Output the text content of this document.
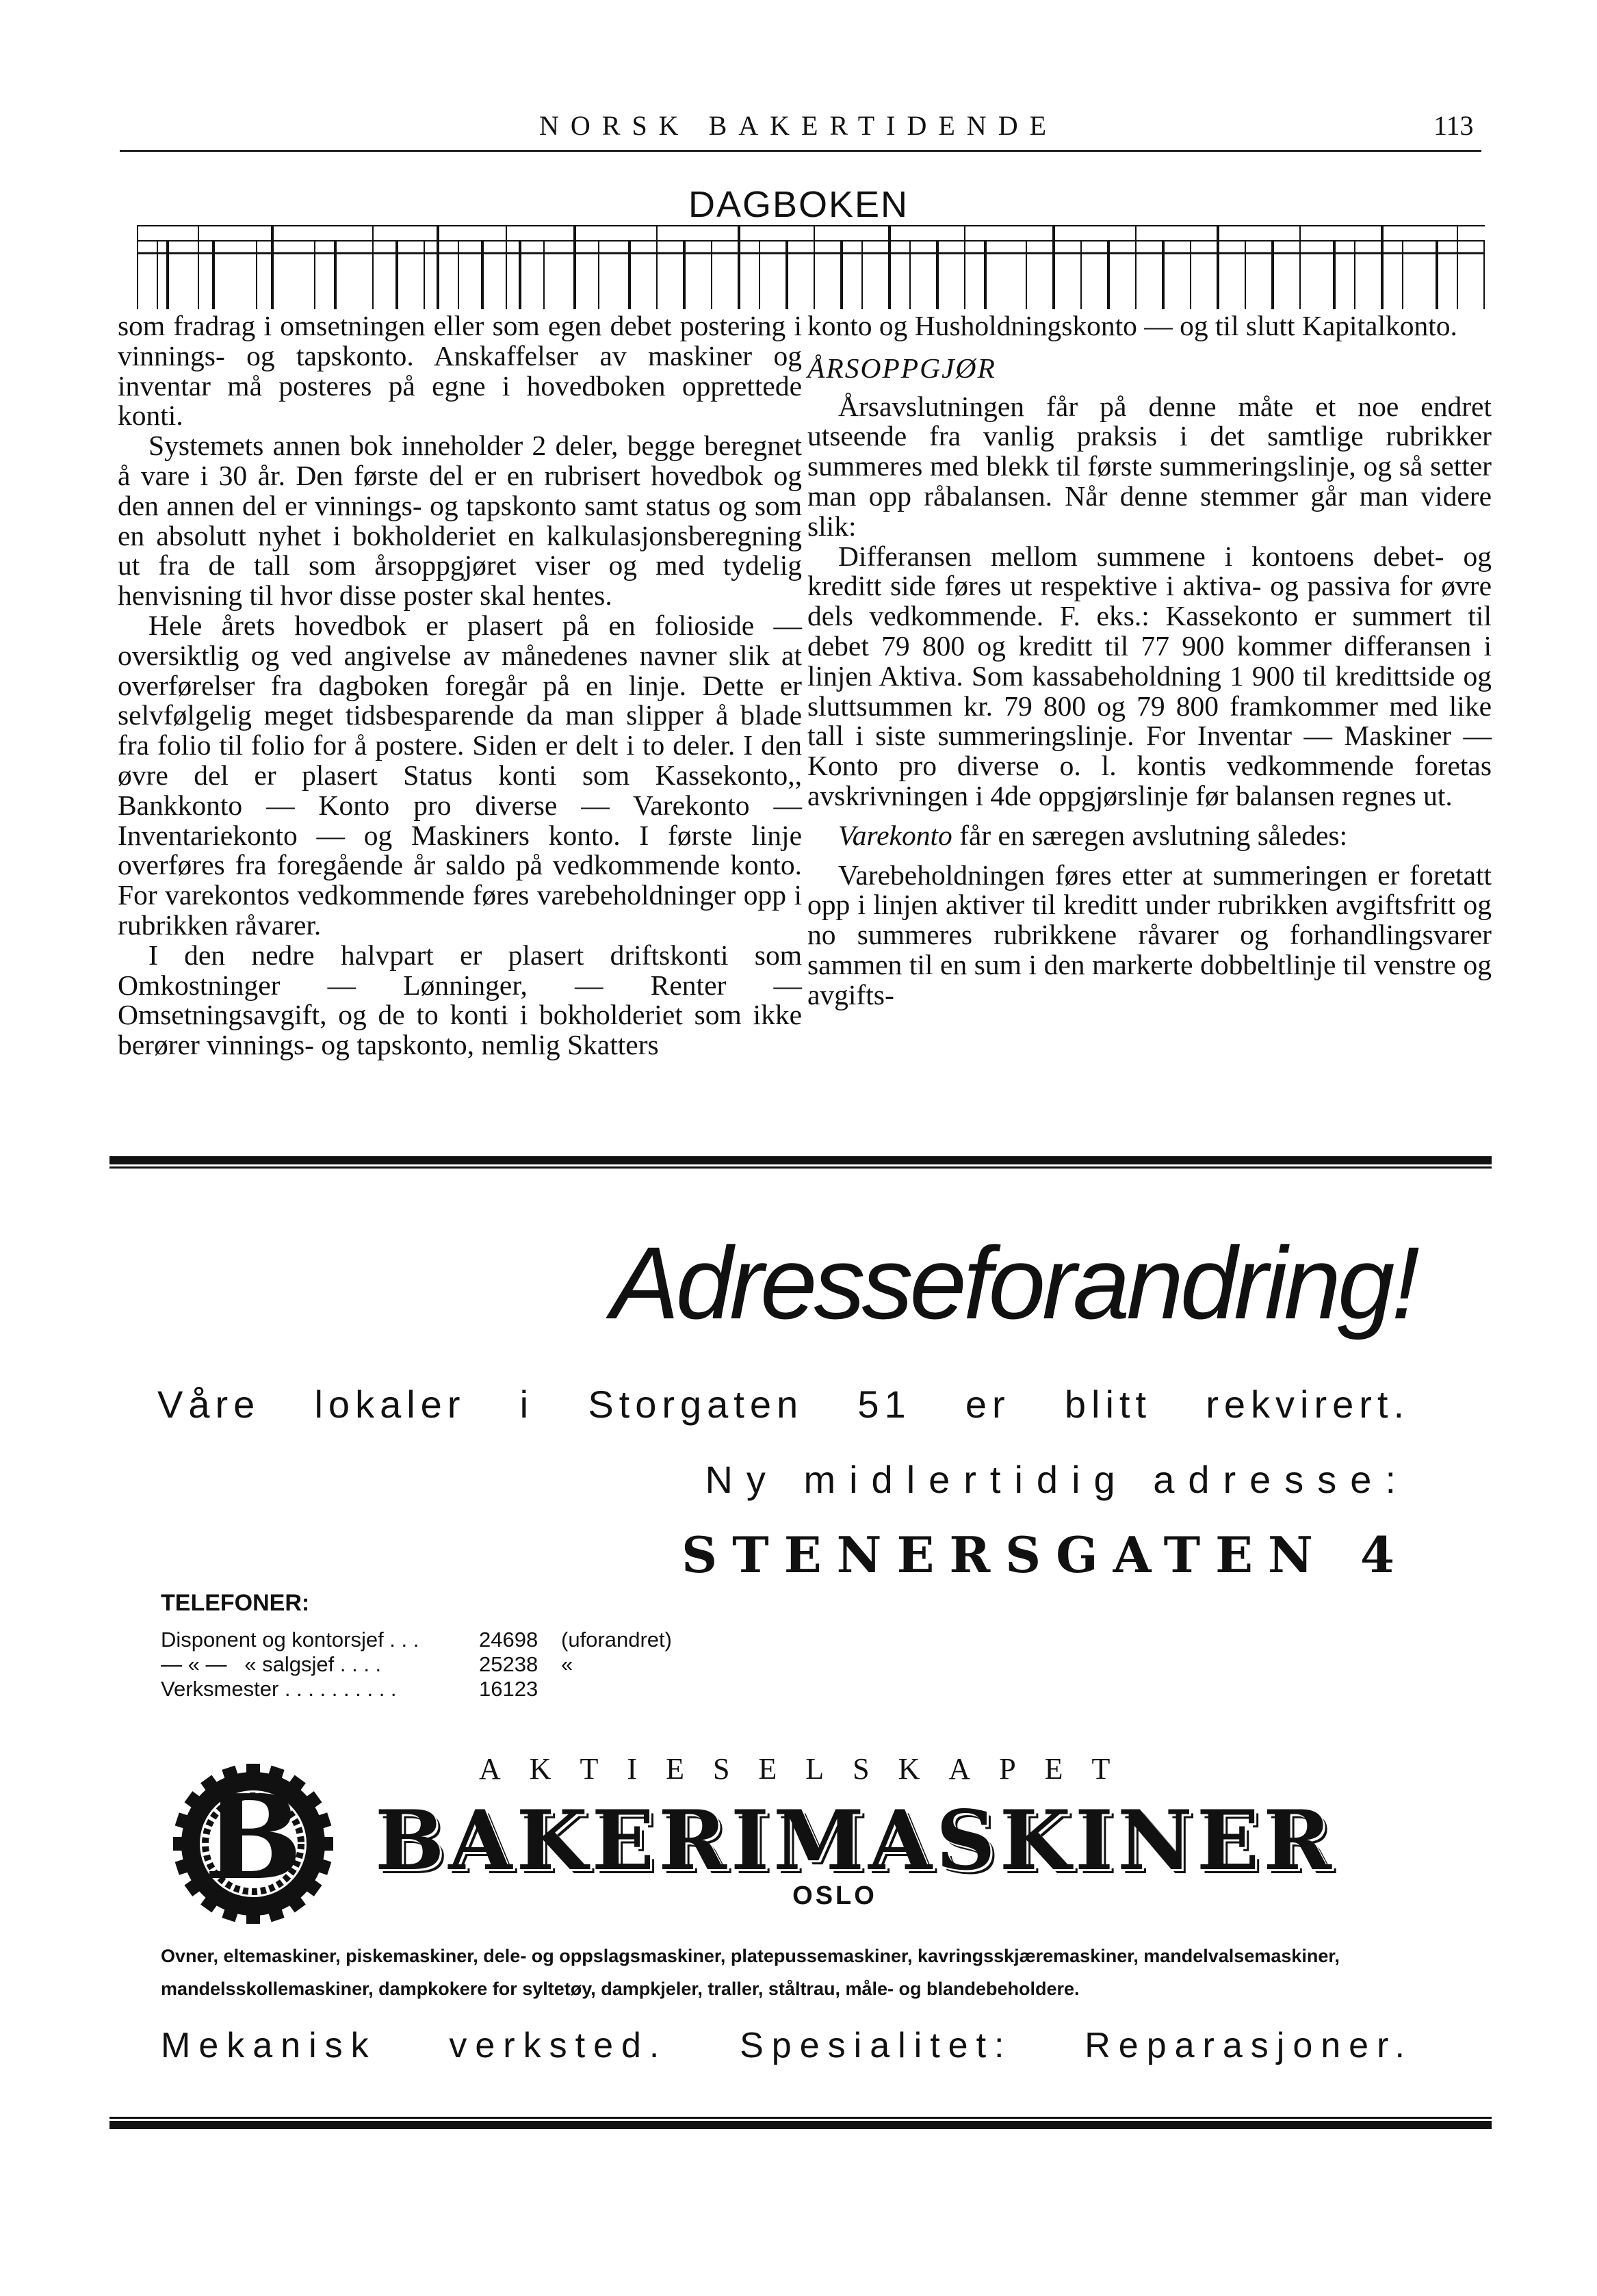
NORSK BAKERTIDENDE	113
DAGBOKEN

som fradrag i omsetningen eller som egen debet postering i vinnings- og tapskonto. Anskaffelser av maskiner og inventar må posteres på egne i hovedboken opprettede konti.

Systemets annen bok inneholder 2 deler, begge beregnet å vare i 30 år. Den første del er en rubrisert hovedbok og den annen del er vinnings- og tapskonto samt status og som en absolutt nyhet i bokholderiet en kalkulasjonsberegning ut fra de tall som årsoppgjøret viser og med tydelig henvisning til hvor disse poster skal hentes.

Hele årets hovedbok er plasert på en folioside — oversiktlig og ved angivelse av månedenes navner slik at overførelser fra dagboken foregår på en linje. Dette er selvfølgelig meget tidsbesparende da man slipper å blade fra folio til folio for å postere. Siden er delt i to deler. I den øvre del er plasert Status konti som Kassekonto,, Bankkonto — Konto pro diverse — Varekonto — Inventariekonto — og Maskiners konto. I første linje overføres fra foregående år saldo på vedkommende konto. For varekontos vedkommende føres varebeholdninger opp i rubrikken råvarer.

I den nedre halvpart er plasert driftskonti som Omkostninger — Lønninger, — Renter — Omsetningsavgift, og de to konti i bokholderiet som ikke berører vinnings- og tapskonto, nemlig Skatters

konto og Husholdningskonto — og til slutt Kapitalkonto.

ÅRSOPPGJØR

Årsavslutningen får på denne måte et noe endret utseende fra vanlig praksis i det samtlige rubrikker summeres med blekk til første summeringslinje, og så setter man opp råbalansen. Når denne stemmer går man videre slik:

Differansen mellom summene i kontoens debet- og kreditt side føres ut respektive i aktiva- og passiva for øvre dels vedkommende. F. eks.: Kassekonto er summert til debet 79 800 og kreditt til 77 900 kommer differansen i linjen Aktiva. Som kassabeholdning 1 900 til kredittside og sluttsummen kr. 79 800 og 79 800 framkommer med like tall i siste summeringslinje. For Inventar — Maskiner — Konto pro diverse o. l. kontis vedkommende foretas avskrivningen i 4de oppgjørslinje før balansen regnes ut.

Varekonto får en særegen avslutning således:

Varebeholdningen føres etter at summeringen er foretatt opp i linjen aktiver til kreditt under rubrikken avgiftsfritt og no summeres rubrikkene råvarer og forhandlingsvarer sammen til en sum i den markerte dobbeltlinje til venstre og avgifts-

Adresseforandring!
Våre lokaler i Storgaten 51 er blitt rekvirert.
Ny midlertidig adresse:
STENERSGATEN 4
TELEFONER:
Disponent og kontorsjef . . .	24698	(uforandret)
— « —   « salgsjef . . . .	25238	«
Verksmester . . . . . . . . . .	16123
AKTIESELSKAPET
B BAKERIMASKINER
OSLO
Ovner, eltemaskiner, piskemaskiner, dele- og oppslagsmaskiner, platepussemaskiner, kavringsskjæremaskiner, mandelvalsemaskiner, mandelsskollemaskiner, dampkokere for syltetøy, dampkjeler, traller, ståltrau, måle- og blandebeholdere.
Mekanisk verksted. Spesialitet: Reparasjoner.
